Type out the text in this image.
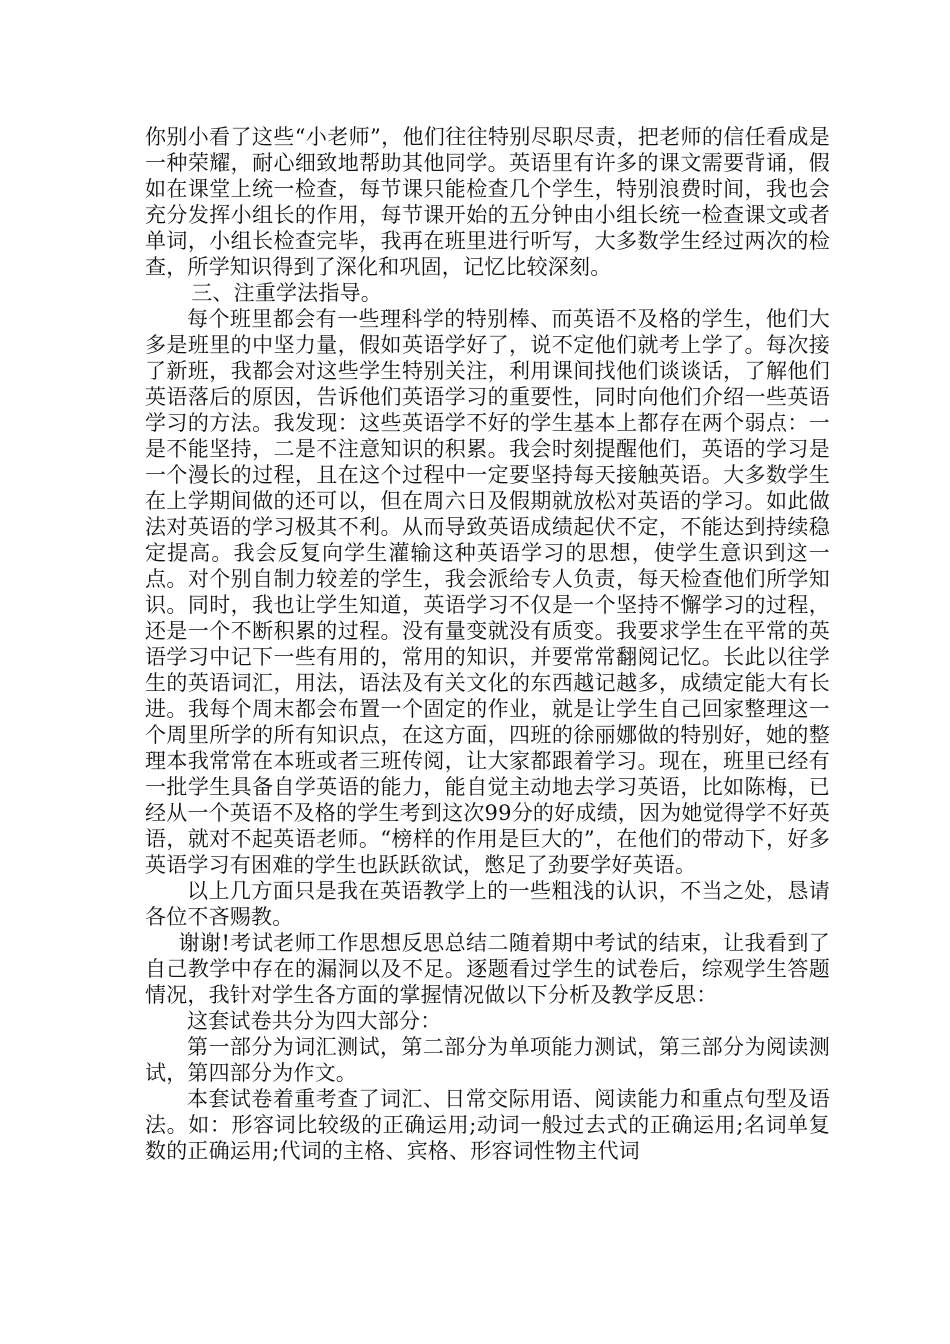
你别小看了这些“小老师”，他们往往特别尽职尽责，把老师的信任看成是一种荣耀，耐心细致地帮助其他同学。英语里有许多的课文需要背诵，假如在课堂上统一检查，每节课只能检查几个学生，特别浪费时间，我也会充分发挥小组长的作用，每节课开始的五分钟由小组长统一检查课文或者单词，小组长检查完毕，我再在班里进行听写，大多数学生经过两次的检查，所学知识得到了深化和巩固，记忆比较深刻。

三、注重学法指导。

每个班里都会有一些理科学的特别棒、而英语不及格的学生，他们大多是班里的中坚力量，假如英语学好了，说不定他们就考上学了。每次接了新班，我都会对这些学生特别关注，利用课间找他们谈谈话，了解他们英语落后的原因，告诉他们英语学习的重要性，同时向他们介绍一些英语学习的方法。我发现：这些英语学不好的学生基本上都存在两个弱点：一是不能坚持，二是不注意知识的积累。我会时刻提醒他们，英语的学习是一个漫长的过程，且在这个过程中一定要坚持每天接触英语。大多数学生在上学期间做的还可以，但在周六日及假期就放松对英语的学习。如此做法对英语的学习极其不利。从而导致英语成绩起伏不定，不能达到持续稳定提高。我会反复向学生灌输这种英语学习的思想，使学生意识到这一点。对个别自制力较差的学生，我会派给专人负责，每天检查他们所学知识。同时，我也让学生知道，英语学习不仅是一个坚持不懈学习的过程，还是一个不断积累的过程。没有量变就没有质变。我要求学生在平常的英语学习中记下一些有用的，常用的知识，并要常常翻阅记忆。长此以往学生的英语词汇，用法，语法及有关文化的东西越记越多，成绩定能大有长进。我每个周末都会布置一个固定的作业，就是让学生自己回家整理这一个周里所学的所有知识点，在这方面，四班的徐丽娜做的特别好，她的整理本我常常在本班或者三班传阅，让大家都跟着学习。现在，班里已经有一批学生具备自学英语的能力，能自觉主动地去学习英语，比如陈梅，已经从一个英语不及格的学生考到这次99分的好成绩，因为她觉得学不好英语，就对不起英语老师。“榜样的作用是巨大的”，在他们的带动下，好多英语学习有困难的学生也跃跃欲试，憋足了劲要学好英语。

以上几方面只是我在英语教学上的一些粗浅的认识，不当之处，恳请各位不吝赐教。

谢谢!考试老师工作思想反思总结二随着期中考试的结束，让我看到了自己教学中存在的漏洞以及不足。逐题看过学生的试卷后，综观学生答题情况，我针对学生各方面的掌握情况做以下分析及教学反思：

这套试卷共分为四大部分：

第一部分为词汇测试，第二部分为单项能力测试，第三部分为阅读测试，第四部分为作文。

本套试卷着重考查了词汇、日常交际用语、阅读能力和重点句型及语法。如：形容词比较级的正确运用;动词一般过去式的正确运用;名词单复数的正确运用;代词的主格、宾格、形容词性物主代词
